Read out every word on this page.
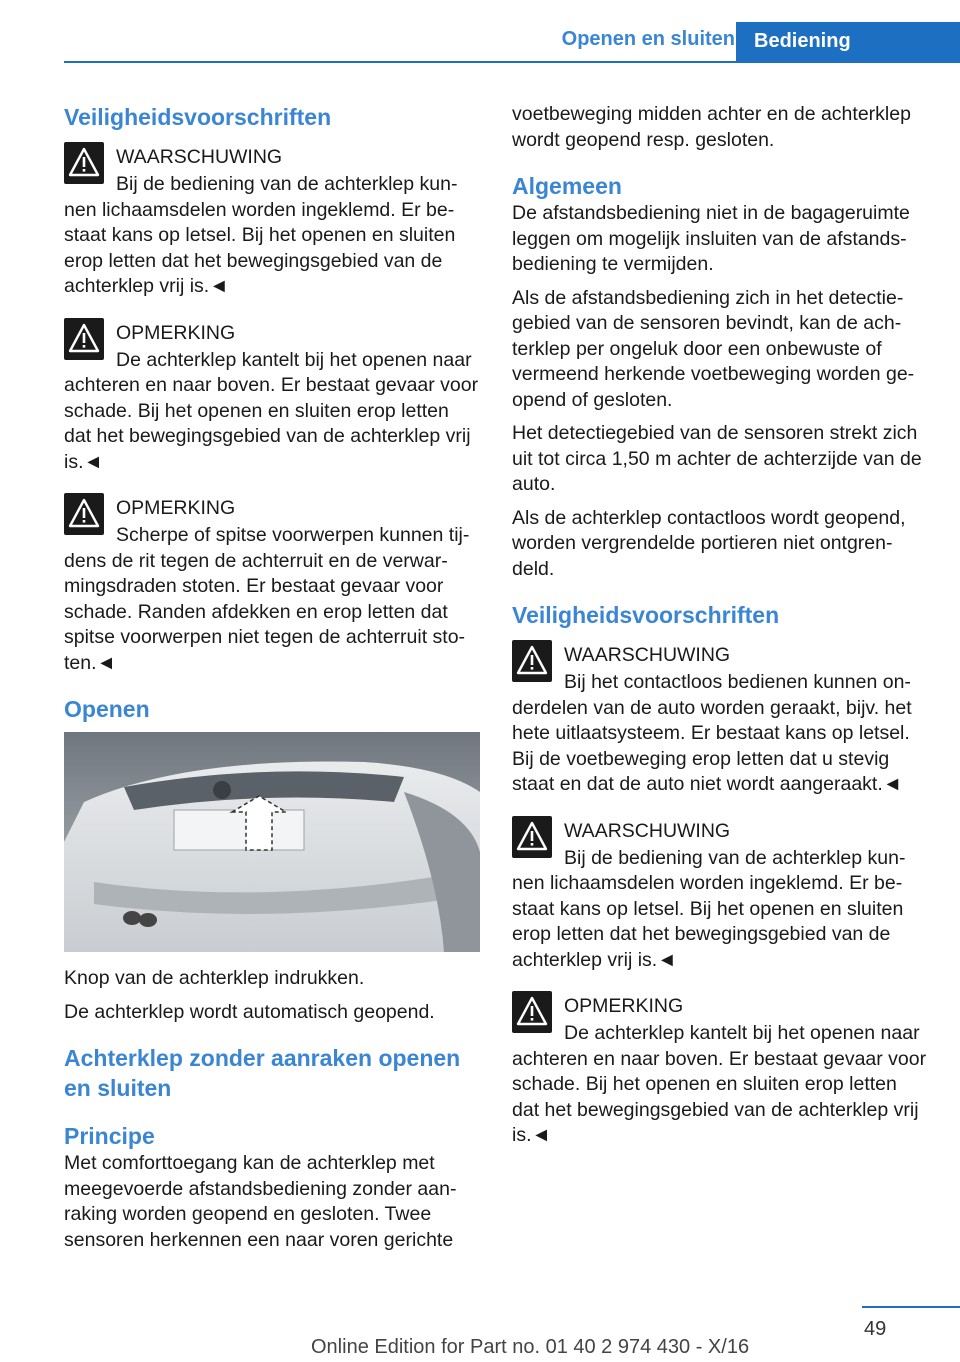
Openen en sluiten Bediening
Veiligheidsvoorschriften
WAARSCHUWING
Bij de bediening van de achterklep kun-
nen lichaamsdelen worden ingeklemd. Er be- staat kans op letsel. Bij het openen en sluiten erop letten dat het bewegingsgebied van de achterklep vrij is.◄
OPMERKING
De achterklep kantelt bij het openen naar
achteren en naar boven. Er bestaat gevaar voor schade. Bij het openen en sluiten erop letten dat het bewegingsgebied van de achterklep vrij is.◄
OPMERKING
Scherpe of spitse voorwerpen kunnen tij-
dens de rit tegen de achterruit en de verwar- mingsdraden stoten. Er bestaat gevaar voor schade. Randen afdekken en erop letten dat spitse voorwerpen niet tegen de achterruit sto- ten.◄
Openen

Knop van de achterklep indrukken.

De achterklep wordt automatisch geopend.

Achterklep zonder aanraken openen en sluiten
Principe

Met comforttoegang kan de achterklep met meegevoerde afstandsbediening zonder aan- raking worden geopend en gesloten. Twee sensoren herkennen een naar voren gerichte

voetbeweging midden achter en de achterklep wordt geopend resp. gesloten.

Algemeen

De afstandsbediening niet in de bagageruimte leggen om mogelijk insluiten van de afstands- bediening te vermijden.

Als de afstandsbediening zich in het detectie- gebied van de sensoren bevindt, kan de ach- terklep per ongeluk door een onbewuste of vermeend herkende voetbeweging worden ge- opend of gesloten.

Het detectiegebied van de sensoren strekt zich uit tot circa 1,50 m achter de achterzijde van de auto.

Als de achterklep contactloos wordt geopend, worden vergrendelde portieren niet ontgren- deld.

Veiligheidsvoorschriften
WAARSCHUWING
Bij het contactloos bedienen kunnen on-
derdelen van de auto worden geraakt, bijv. het hete uitlaatsysteem. Er bestaat kans op letsel. Bij de voetbeweging erop letten dat u stevig staat en dat de auto niet wordt aangeraakt.◄
WAARSCHUWING
Bij de bediening van de achterklep kun-
nen lichaamsdelen worden ingeklemd. Er be- staat kans op letsel. Bij het openen en sluiten erop letten dat het bewegingsgebied van de achterklep vrij is.◄
OPMERKING
De achterklep kantelt bij het openen naar
achteren en naar boven. Er bestaat gevaar voor schade. Bij het openen en sluiten erop letten dat het bewegingsgebied van de achterklep vrij is.◄
49
Online Edition for Part no. 01 40 2 974 430 - X/16
